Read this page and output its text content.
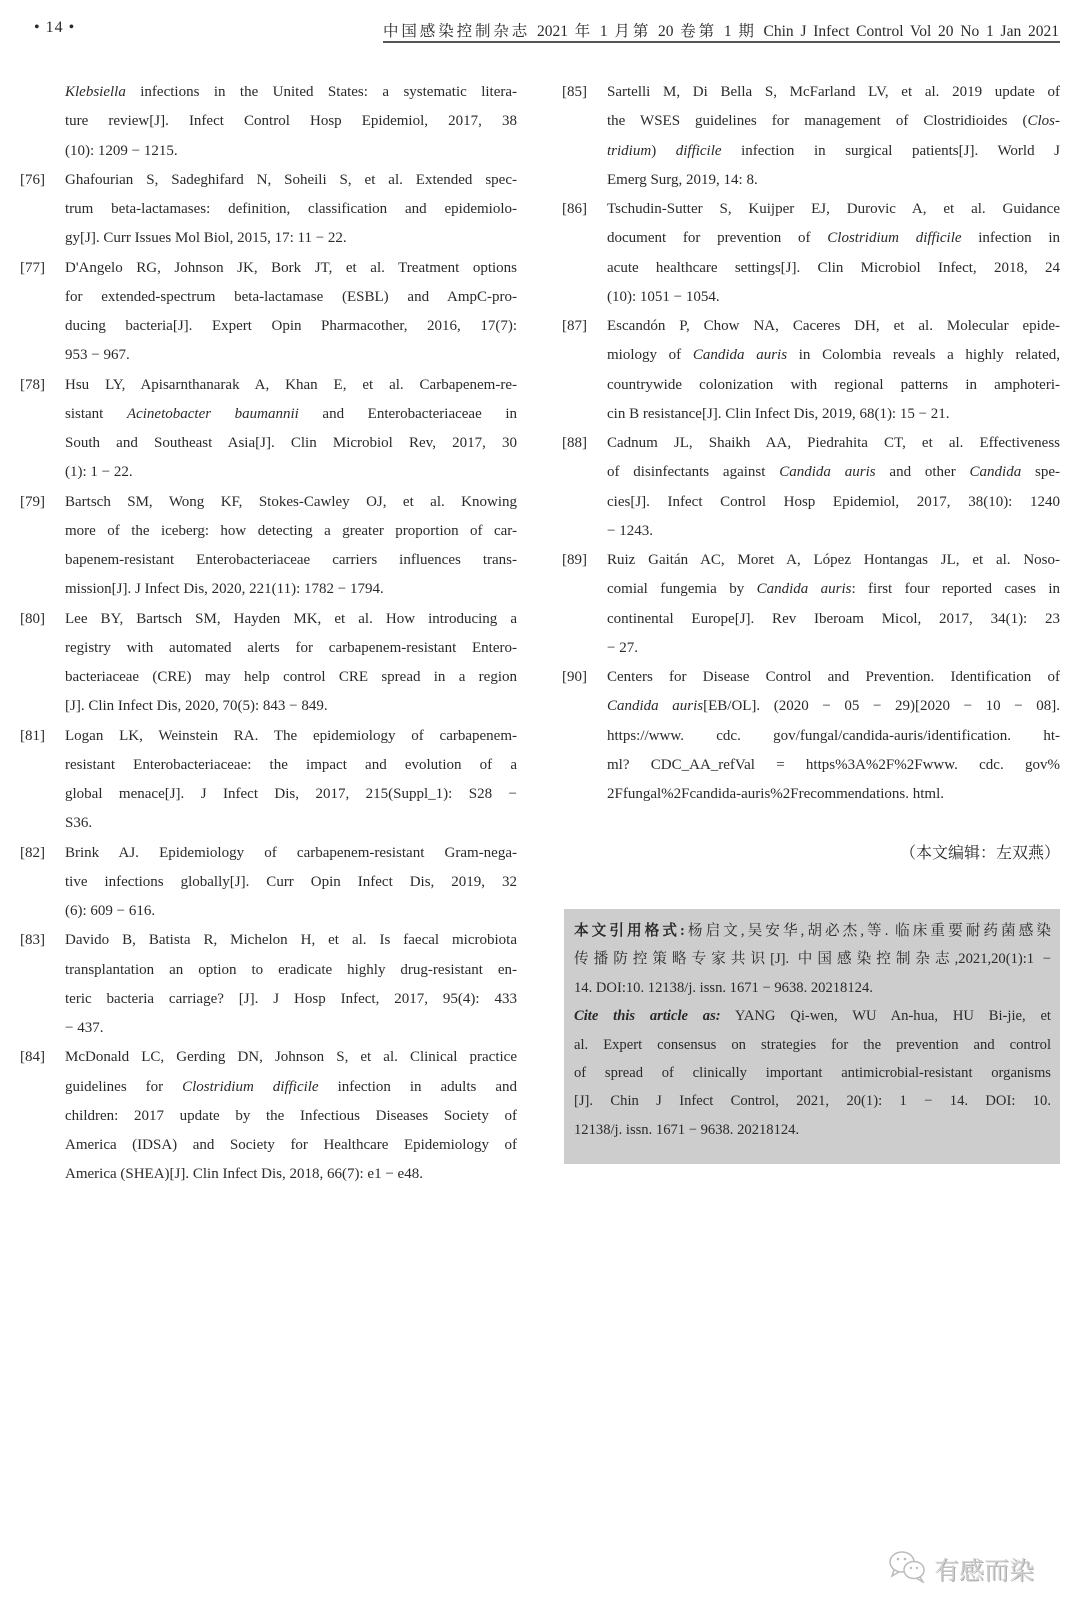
• 14 •	中国感染控制杂志 2021 年 1 月第 20 卷第 1 期 Chin J Infect Control Vol 20 No 1 Jan 2021
Klebsiella infections in the United States: a systematic litera-
ture review[J]. Infect Control Hosp Epidemiol, 2017, 38
(10): 1209 − 1215.
[76] Ghafourian S, Sadeghifard N, Soheili S, et al. Extended spec-
trum beta-lactamases: definition, classification and epidemiolo-
gy[J]. Curr Issues Mol Biol, 2015, 17: 11 − 22.
[77] D'Angelo RG, Johnson JK, Bork JT, et al. Treatment options
for extended-spectrum beta-lactamase (ESBL) and AmpC-pro-
ducing bacteria[J]. Expert Opin Pharmacother, 2016, 17(7):
953 − 967.
[78] Hsu LY, Apisarnthanarak A, Khan E, et al. Carbapenem-re-
sistant Acinetobacter baumannii and Enterobacteriaceae in
South and Southeast Asia[J]. Clin Microbiol Rev, 2017, 30
(1): 1 − 22.
[79] Bartsch SM, Wong KF, Stokes-Cawley OJ, et al. Knowing
more of the iceberg: how detecting a greater proportion of car-
bapenem-resistant Enterobacteriaceae carriers influences trans-
mission[J]. J Infect Dis, 2020, 221(11): 1782 − 1794.
[80] Lee BY, Bartsch SM, Hayden MK, et al. How introducing a
registry with automated alerts for carbapenem-resistant Entero-
bacteriaceae (CRE) may help control CRE spread in a region
[J]. Clin Infect Dis, 2020, 70(5): 843 − 849.
[81] Logan LK, Weinstein RA. The epidemiology of carbapenem-
resistant Enterobacteriaceae: the impact and evolution of a
global menace[J]. J Infect Dis, 2017, 215(Suppl_1): S28 −
S36.
[82] Brink AJ. Epidemiology of carbapenem-resistant Gram-nega-
tive infections globally[J]. Curr Opin Infect Dis, 2019, 32
(6): 609 − 616.
[83] Davido B, Batista R, Michelon H, et al. Is faecal microbiota
transplantation an option to eradicate highly drug-resistant en-
teric bacteria carriage? [J]. J Hosp Infect, 2017, 95(4): 433
− 437.
[84] McDonald LC, Gerding DN, Johnson S, et al. Clinical practice
guidelines for Clostridium difficile infection in adults and
children: 2017 update by the Infectious Diseases Society of
America (IDSA) and Society for Healthcare Epidemiology of
America (SHEA)[J]. Clin Infect Dis, 2018, 66(7): e1 − e48.
[85] Sartelli M, Di Bella S, McFarland LV, et al. 2019 update of
the WSES guidelines for management of Clostridioides (Clos-
tridium) difficile infection in surgical patients[J]. World J
Emerg Surg, 2019, 14: 8.
[86] Tschudin-Sutter S, Kuijper EJ, Durovic A, et al. Guidance
document for prevention of Clostridium difficile infection in
acute healthcare settings[J]. Clin Microbiol Infect, 2018, 24
(10): 1051 − 1054.
[87] Escandón P, Chow NA, Caceres DH, et al. Molecular epide-
miology of Candida auris in Colombia reveals a highly related,
countrywide colonization with regional patterns in amphoteri-
cin B resistance[J]. Clin Infect Dis, 2019, 68(1): 15 − 21.
[88] Cadnum JL, Shaikh AA, Piedrahita CT, et al. Effectiveness
of disinfectants against Candida auris and other Candida spe-
cies[J]. Infect Control Hosp Epidemiol, 2017, 38(10): 1240
− 1243.
[89] Ruiz Gaitán AC, Moret A, López Hontangas JL, et al. Noso-
comial fungemia by Candida auris: first four reported cases in
continental Europe[J]. Rev Iberoam Micol, 2017, 34(1): 23
− 27.
[90] Centers for Disease Control and Prevention. Identification of
Candida auris[EB/OL]. (2020 − 05 − 29)[2020 − 10 − 08].
https://www. cdc. gov/fungal/candida-auris/identification. ht-
ml? CDC_AA_refVal = https%3A%2F%2Fwww. cdc. gov%
2Ffungal%2Fcandida-auris%2Frecommendations. html.
（本文编辑：左双燕）
本文引用格式:杨启文,吴安华,胡必杰,等. 临床重要耐药菌感染
传播防控策略专家共识[J]. 中国感染控制杂志,2021,20(1):1 −
14. DOI:10. 12138/j. issn. 1671 − 9638. 20218124.
Cite this article as: YANG Qi-wen, WU An-hua, HU Bi-jie, et
al. Expert consensus on strategies for the prevention and control
of spread of clinically important antimicrobial-resistant organisms
[J]. Chin J Infect Control, 2021, 20(1): 1 − 14. DOI: 10.
12138/j. issn. 1671 − 9638. 20218124.
有感而染
